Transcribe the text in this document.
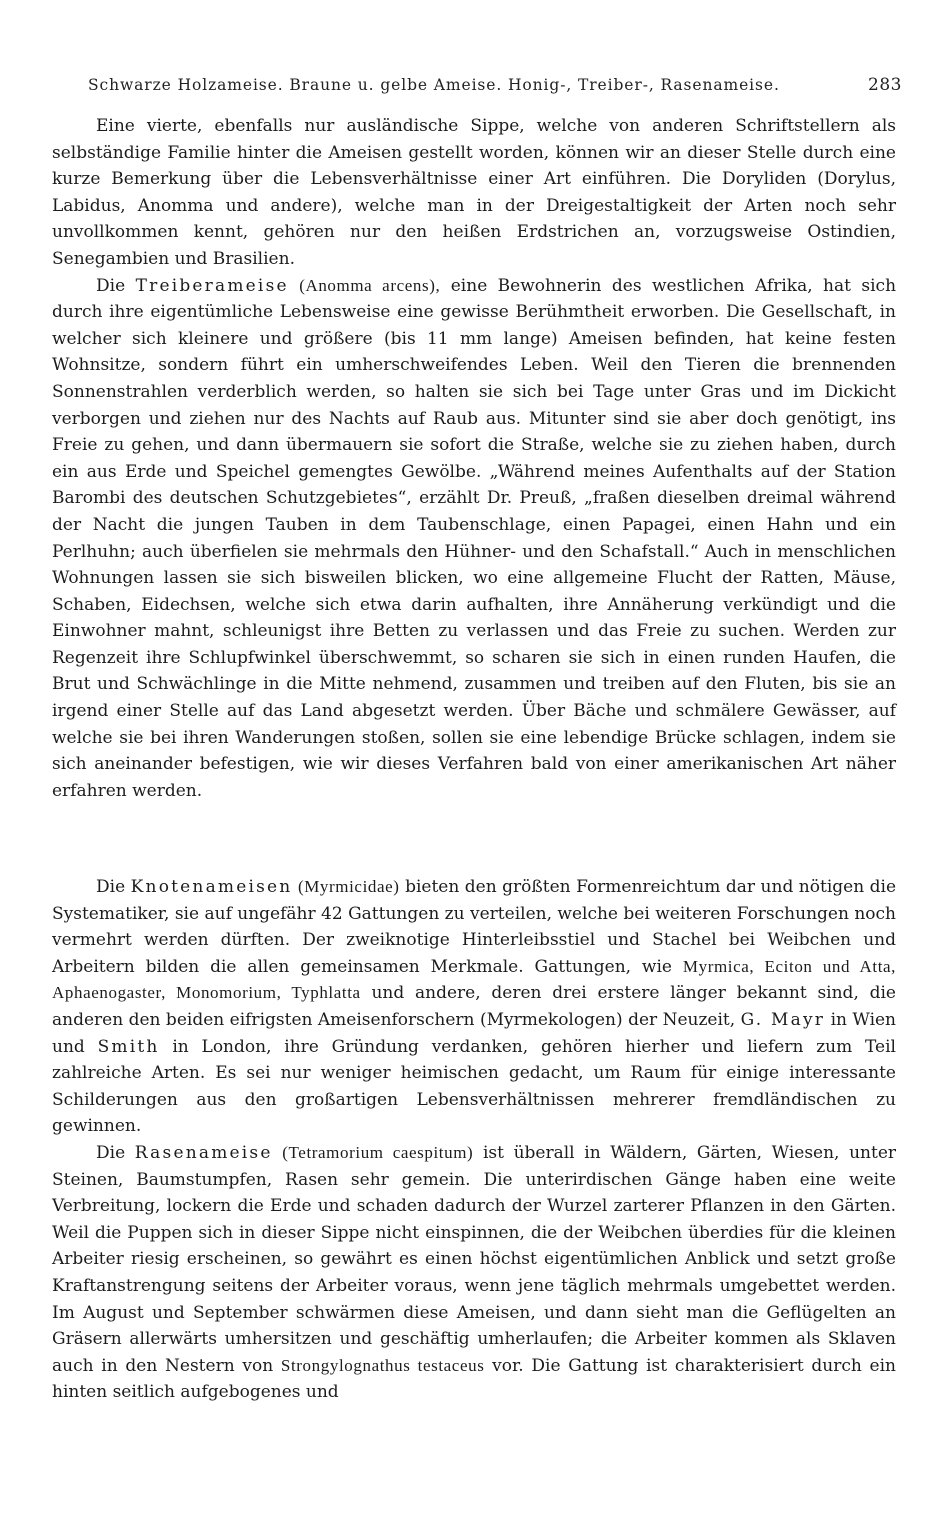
Schwarze Holzameise. Braune u. gelbe Ameise. Honig-, Treiber-, Rasenameise.	283

Eine vierte, ebenfalls nur ausländische Sippe, welche von anderen Schriftstellern als selbständige Familie hinter die Ameisen gestellt worden, können wir an dieser Stelle durch eine kurze Bemerkung über die Lebensverhältnisse einer Art einführen. Die Doryliden (Dorylus, Labidus, Anomma und andere), welche man in der Dreigestaltigkeit der Arten noch sehr unvollkommen kennt, gehören nur den heißen Erdstrichen an, vorzugsweise Ostindien, Senegambien und Brasilien.

Die Treiberameise (Anomma arcens), eine Bewohnerin des westlichen Afrika, hat sich durch ihre eigentümliche Lebensweise eine gewisse Berühmtheit erworben. Die Gesellschaft, in welcher sich kleinere und größere (bis 11 mm lange) Ameisen befinden, hat keine festen Wohnsitze, sondern führt ein umherschweifendes Leben. Weil den Tieren die brennenden Sonnenstrahlen verderblich werden, so halten sie sich bei Tage unter Gras und im Dickicht verborgen und ziehen nur des Nachts auf Raub aus. Mitunter sind sie aber doch genötigt, ins Freie zu gehen, und dann übermauern sie sofort die Straße, welche sie zu ziehen haben, durch ein aus Erde und Speichel gemengtes Gewölbe. „Während meines Aufenthalts auf der Station Barombi des deutschen Schutzgebietes“, erzählt Dr. Preuß, „fraßen dieselben dreimal während der Nacht die jungen Tauben in dem Taubenschlage, einen Papagei, einen Hahn und ein Perlhuhn; auch überfielen sie mehrmals den Hühner- und den Schafstall.“ Auch in menschlichen Wohnungen lassen sie sich bisweilen blicken, wo eine allgemeine Flucht der Ratten, Mäuse, Schaben, Eidechsen, welche sich etwa darin aufhalten, ihre Annäherung verkündigt und die Einwohner mahnt, schleunigst ihre Betten zu verlassen und das Freie zu suchen. Werden zur Regenzeit ihre Schlupfwinkel überschwemmt, so scharen sie sich in einen runden Haufen, die Brut und Schwächlinge in die Mitte nehmend, zusammen und treiben auf den Fluten, bis sie an irgend einer Stelle auf das Land abgesetzt werden. Über Bäche und schmälere Gewässer, auf welche sie bei ihren Wanderungen stoßen, sollen sie eine lebendige Brücke schlagen, indem sie sich aneinander befestigen, wie wir dieses Verfahren bald von einer amerikanischen Art näher erfahren werden.

Die Knotenameisen (Myrmicidae) bieten den größten Formenreichtum dar und nötigen die Systematiker, sie auf ungefähr 42 Gattungen zu verteilen, welche bei weiteren Forschungen noch vermehrt werden dürften. Der zweiknotige Hinterleibsstiel und Stachel bei Weibchen und Arbeitern bilden die allen gemeinsamen Merkmale. Gattungen, wie Myrmica, Eciton und Atta, Aphaenogaster, Monomorium, Typhlatta und andere, deren drei erstere länger bekannt sind, die anderen den beiden eifrigsten Ameisenforschern (Myrmekologen) der Neuzeit, G. Mayr in Wien und Smith in London, ihre Gründung verdanken, gehören hierher und liefern zum Teil zahlreiche Arten. Es sei nur weniger heimischen gedacht, um Raum für einige interessante Schilderungen aus den großartigen Lebensverhältnissen mehrerer fremdländischen zu gewinnen.

Die Rasenameise (Tetramorium caespitum) ist überall in Wäldern, Gärten, Wiesen, unter Steinen, Baumstumpfen, Rasen sehr gemein. Die unterirdischen Gänge haben eine weite Verbreitung, lockern die Erde und schaden dadurch der Wurzel zarterer Pflanzen in den Gärten. Weil die Puppen sich in dieser Sippe nicht einspinnen, die der Weibchen überdies für die kleinen Arbeiter riesig erscheinen, so gewährt es einen höchst eigentümlichen Anblick und setzt große Kraftanstrengung seitens der Arbeiter voraus, wenn jene täglich mehrmals umgebettet werden. Im August und September schwärmen diese Ameisen, und dann sieht man die Geflügelten an Gräsern allerwärts umhersitzen und geschäftig umherlaufen; die Arbeiter kommen als Sklaven auch in den Nestern von Strongylognathus testaceus vor. Die Gattung ist charakterisiert durch ein hinten seitlich aufgebogenes und
